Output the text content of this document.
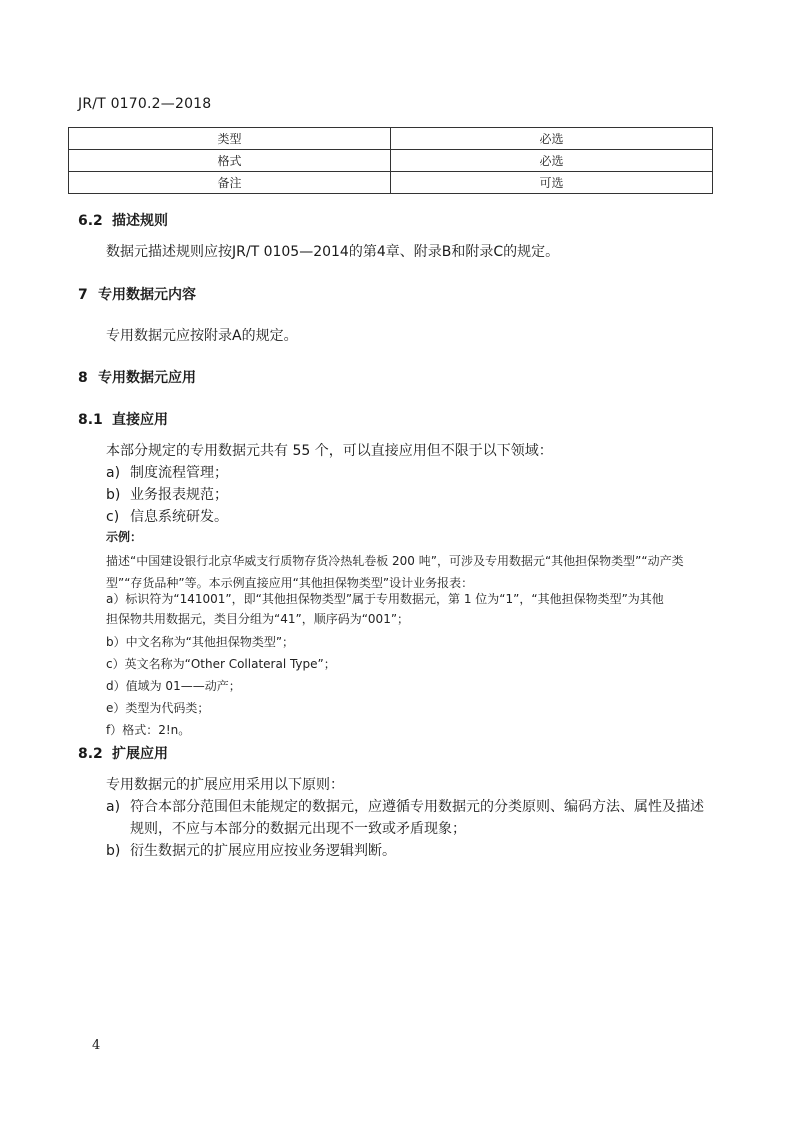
JR/T 0170.2—2018
类型	必选
格式	必选
备注	可选
6.2 描述规则
数据元描述规则应按JR/T 0105—2014的第4章、附录B和附录C的规定。
7 专用数据元内容
专用数据元应按附录A的规定。
8 专用数据元应用
8.1 直接应用
本部分规定的专用数据元共有 55 个，可以直接应用但不限于以下领域：
a) 制度流程管理；
b) 业务报表规范；
c) 信息系统研发。
示例：
描述“中国建设银行北京华威支行质物存货冷热轧卷板 200 吨”，可涉及专用数据元“其他担保物类型”“动产类
型”“存货品种”等。本示例直接应用“其他担保物类型”设计业务报表：
a）标识符为“141001”，即“其他担保物类型”属于专用数据元，第 1 位为“1”，“其他担保物类型”为其他
担保物共用数据元，类目分组为“41”，顺序码为“001”；
b）中文名称为“其他担保物类型”；
c）英文名称为“Other Collateral Type”；
d）值域为 01——动产；
e）类型为代码类；
f）格式：2!n。
8.2 扩展应用
专用数据元的扩展应用采用以下原则：
a) 符合本部分范围但未能规定的数据元，应遵循专用数据元的分类原则、编码方法、属性及描述
规则，不应与本部分的数据元出现不一致或矛盾现象；
b) 衍生数据元的扩展应用应按业务逻辑判断。
4
